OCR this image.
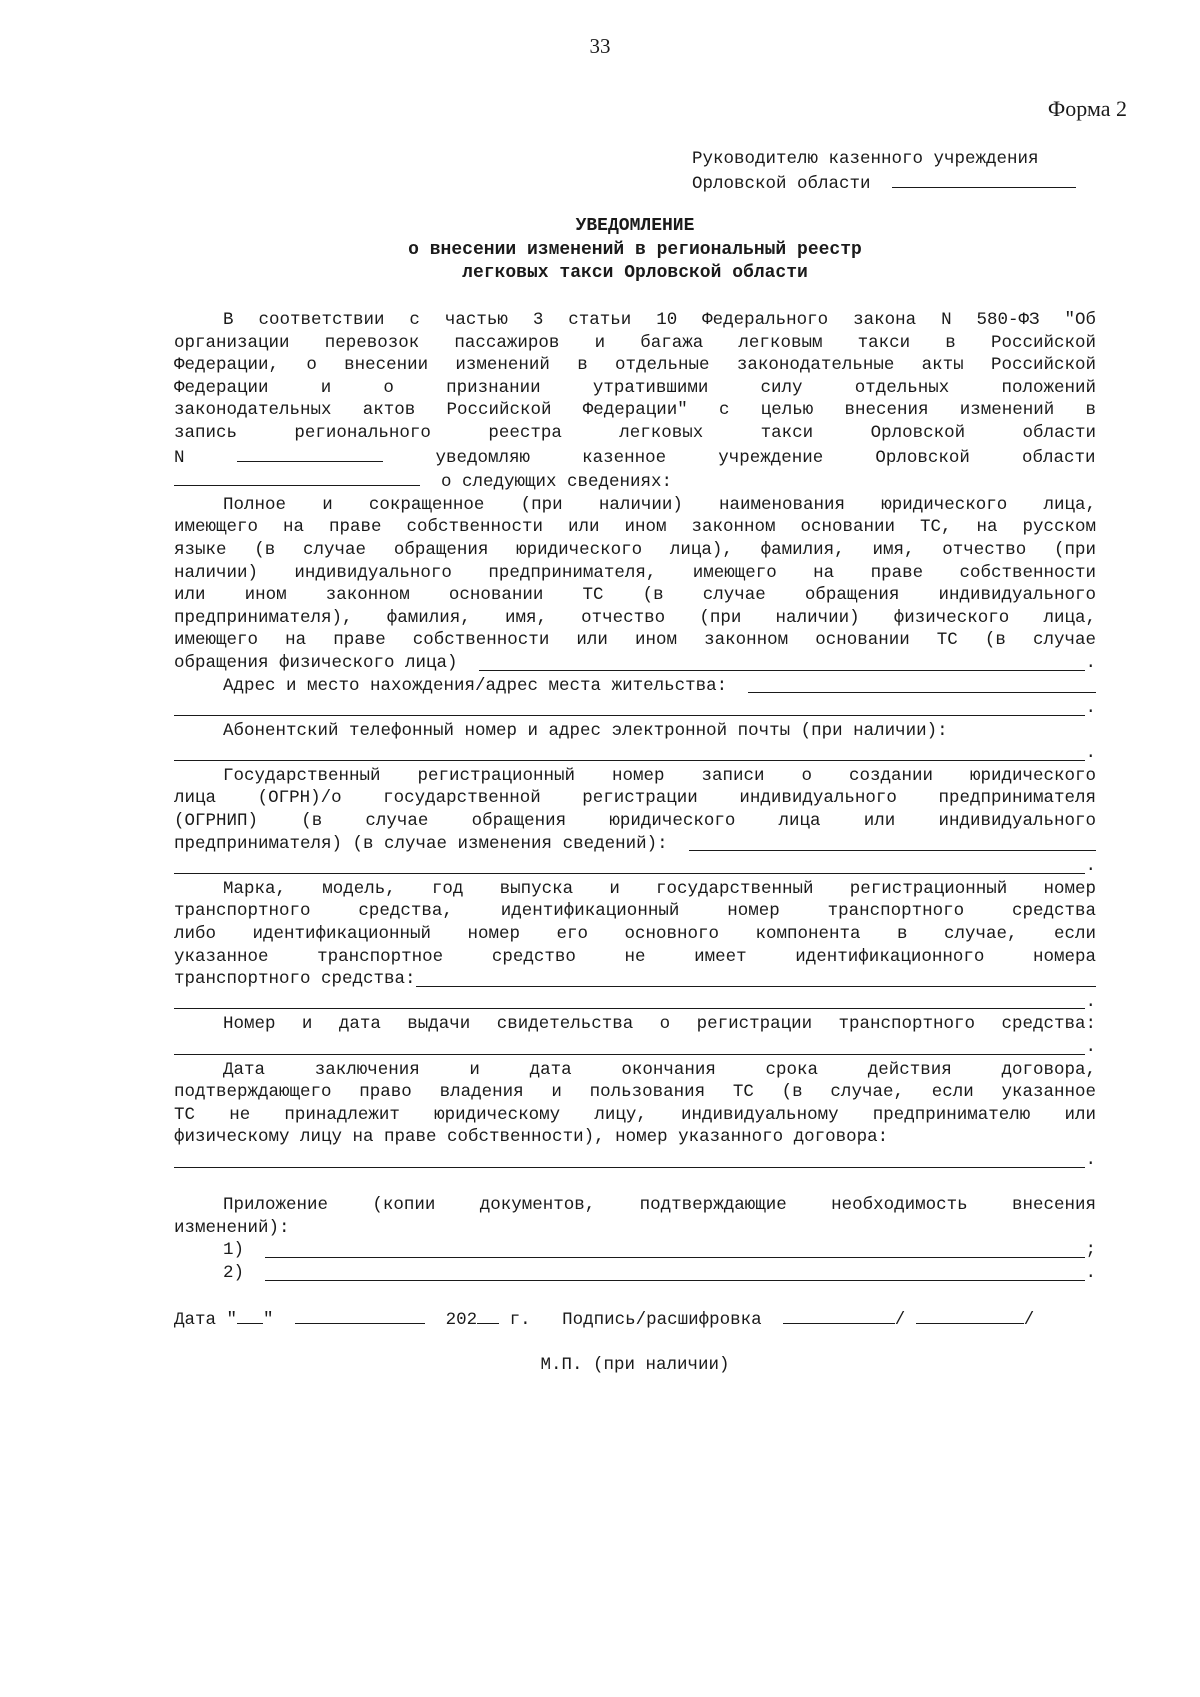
33
Форма 2
Руководителю казенного учреждения
Орловской области
УВЕДОМЛЕНИЕ
о внесении изменений в региональный реестр
легковых такси Орловской области
В соответствии с частью 3 статьи 10 Федерального закона N 580-ФЗ "Об
организации перевозок пассажиров и багажа легковым такси в Российской
Федерации, о внесении изменений в отдельные законодательные акты Российской
Федерации и о признании утратившими силу отдельных положений
законодательных актов Российской Федерации" с целью внесения изменений в
запись регионального реестра легковых такси Орловской области
N	уведомляю казенное учреждение Орловской области
о следующих сведениях:
Полное и сокращенное (при наличии) наименования юридического лица,
имеющего на праве собственности или ином законном основании ТС, на русском
языке (в случае обращения юридического лица), фамилия, имя, отчество (при
наличии) индивидуального предпринимателя, имеющего на праве собственности
или ином законном основании ТС (в случае обращения индивидуального
предпринимателя), фамилия, имя, отчество (при наличии) физического лица,
имеющего на праве собственности или ином законном основании ТС (в случае
обращения физического лица)
	.
Адрес и место нахождения/адрес места жительства:

.
Абонентский телефонный номер и адрес электронной почты (при наличии):
.
Государственный регистрационный номер записи о создании юридического
лица (ОГРН)/о государственной регистрации индивидуального предпринимателя
(ОГРНИП) (в случае обращения юридического лица или индивидуального
предпринимателя) (в случае изменения сведений):

.
Марка, модель, год выпуска и государственный регистрационный номер
транспортного средства, идентификационный номер транспортного средства
либо идентификационный номер его основного компонента в случае, если
указанное транспортное средство не имеет идентификационного номера
транспортного средства:
.
Номер и дата выдачи свидетельства о регистрации транспортного средства:
.
Дата заключения и дата окончания срока действия договора,
подтверждающего право владения и пользования ТС (в случае, если указанное
ТС не принадлежит юридическому лицу, индивидуальному предпринимателю или
физическому лицу на праве собственности), номер указанного договора:
.
Приложение (копии документов, подтверждающие необходимость внесения
изменений):
1)
	;
2)
	.
Дата " "	202 г. Подпись/расшифровка	/	/
М.П. (при наличии)
